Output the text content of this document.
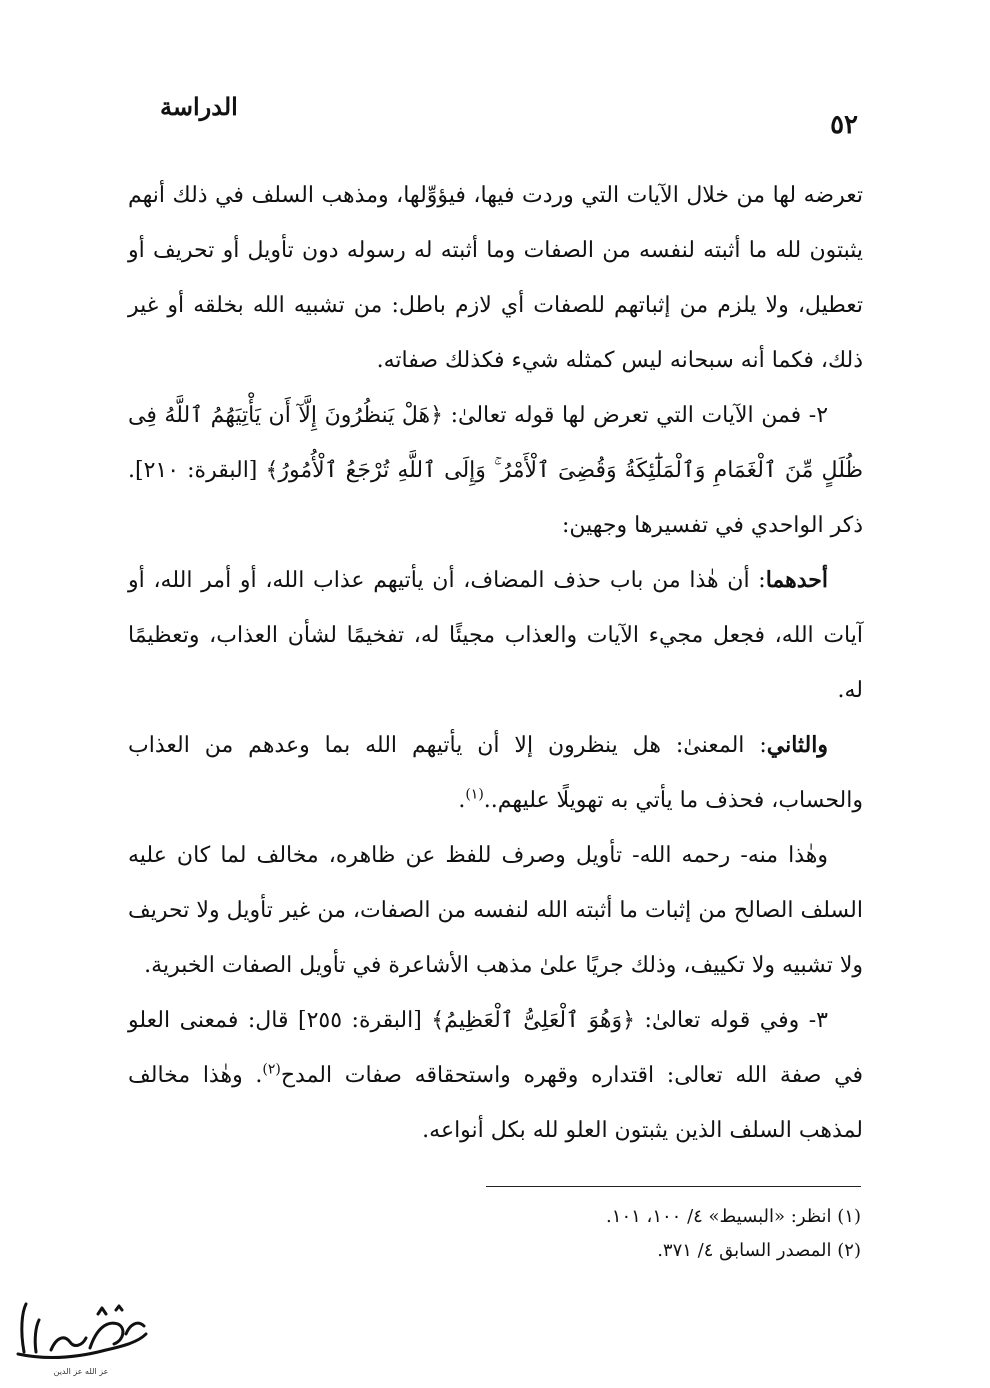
الدراسة
٥٢

تعرضه لها من خلال الآيات التي وردت فيها، فيؤوِّلها، ومذهب السلف في ذلك أنهم يثبتون لله ما أثبته لنفسه من الصفات وما أثبته له رسوله دون تأويل أو تحريف أو تعطيل، ولا يلزم من إثباتهم للصفات أي لازم باطل: من تشبيه الله بخلقه أو غير ذلك، فكما أنه سبحانه ليس كمثله شيء فكذلك صفاته.

٢- فمن الآيات التي تعرض لها قوله تعالىٰ: ﴿هَلْ يَنظُرُونَ إِلَّآ أَن يَأْتِيَهُمُ ٱللَّهُ فِى ظُلَلٍ مِّنَ ٱلْغَمَامِ وَٱلْمَلَٰٓئِكَةُ وَقُضِىَ ٱلْأَمْرُ ۚ وَإِلَى ٱللَّهِ تُرْجَعُ ٱلْأُمُورُ﴾ [البقرة: ٢١٠]. ذكر الواحدي في تفسيرها وجهين:

أحدهما: أن هٰذا من باب حذف المضاف، أن يأتيهم عذاب الله، أو أمر الله، أو آيات الله، فجعل مجيء الآيات والعذاب مجيئًا له، تفخيمًا لشأن العذاب، وتعظيمًا له.

والثاني: المعنىٰ: هل ينظرون إلا أن يأتيهم الله بما وعدهم من العذاب والحساب، فحذف ما يأتي به تهويلًا عليهم..$^{(١)}$.

وهٰذا منه- رحمه الله- تأويل وصرف للفظ عن ظاهره، مخالف لما كان عليه السلف الصالح من إثبات ما أثبته الله لنفسه من الصفات، من غير تأويل ولا تحريف ولا تشبيه ولا تكييف، وذلك جريًا علىٰ مذهب الأشاعرة في تأويل الصفات الخبرية.

٣- وفي قوله تعالىٰ: ﴿وَهُوَ ٱلْعَلِىُّ ٱلْعَظِيمُ﴾ [البقرة: ٢٥٥] قال: فمعنى العلو في صفة الله تعالى: اقتداره وقهره واستحقاقه صفات المدح$^{(٢)}$. وهٰذا مخالف لمذهب السلف الذين يثبتون العلو لله بكل أنواعه.

(١) انظر: «البسيط» ٤/ ١٠٠، ١٠١.

(٢) المصدر السابق ٤/ ٣٧١.

عز الله عز الدين
